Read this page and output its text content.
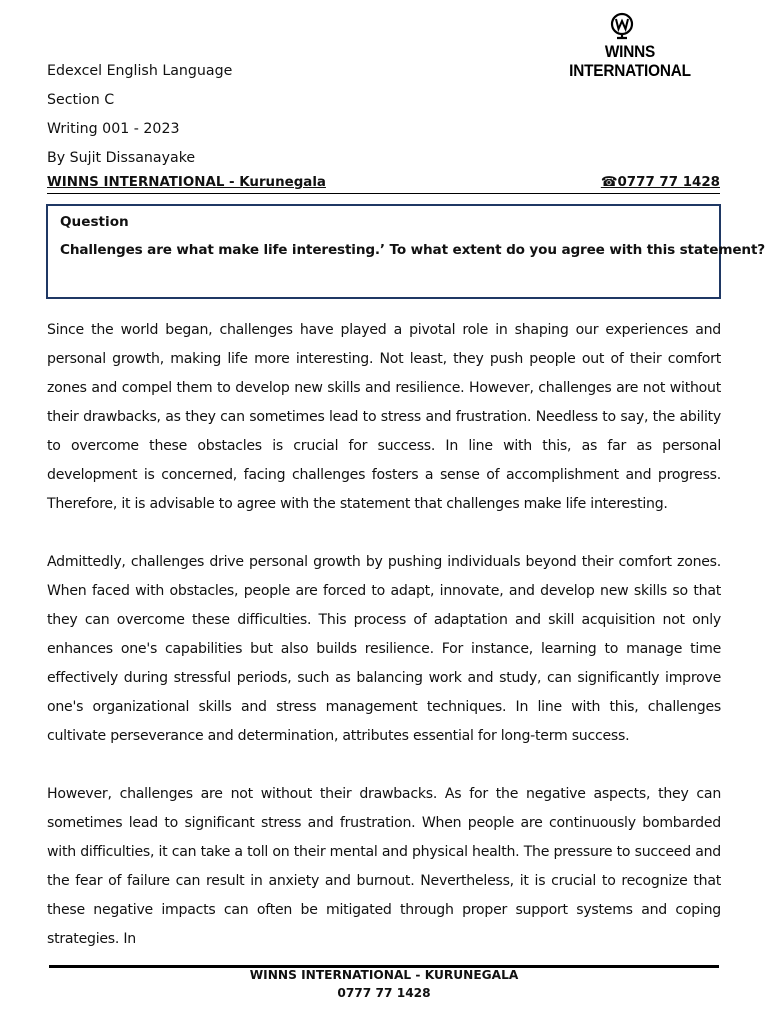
WINNS INTERNATIONAL
Edexcel English Language
Section C
Writing 001 - 2023
By Sujit Dissanayake
WINNS INTERNATIONAL - Kurunegala	☎0777 77 1428
Question
Challenges are what make life interesting.’ To what extent do you agree with this statement?

Since the world began, challenges have played a pivotal role in shaping our experiences and personal growth, making life more interesting. Not least, they push people out of their comfort zones and compel them to develop new skills and resilience. However, challenges are not without their drawbacks, as they can sometimes lead to stress and frustration. Needless to say, the ability to overcome these obstacles is crucial for success. In line with this, as far as personal development is concerned, facing challenges fosters a sense of accomplishment and progress. Therefore, it is advisable to agree with the statement that challenges make life interesting.

Admittedly, challenges drive personal growth by pushing individuals beyond their comfort zones. When faced with obstacles, people are forced to adapt, innovate, and develop new skills so that they can overcome these difficulties. This process of adaptation and skill acquisition not only enhances one's capabilities but also builds resilience. For instance, learning to manage time effectively during stressful periods, such as balancing work and study, can significantly improve one's organizational skills and stress management techniques. In line with this, challenges cultivate perseverance and determination, attributes essential for long-term success.

However, challenges are not without their drawbacks. As for the negative aspects, they can sometimes lead to significant stress and frustration. When people are continuously bombarded with difficulties, it can take a toll on their mental and physical health. The pressure to succeed and the fear of failure can result in anxiety and burnout. Nevertheless, it is crucial to recognize that these negative impacts can often be mitigated through proper support systems and coping strategies. In

WINNS INTERNATIONAL - KURUNEGALA
0777 77 1428
